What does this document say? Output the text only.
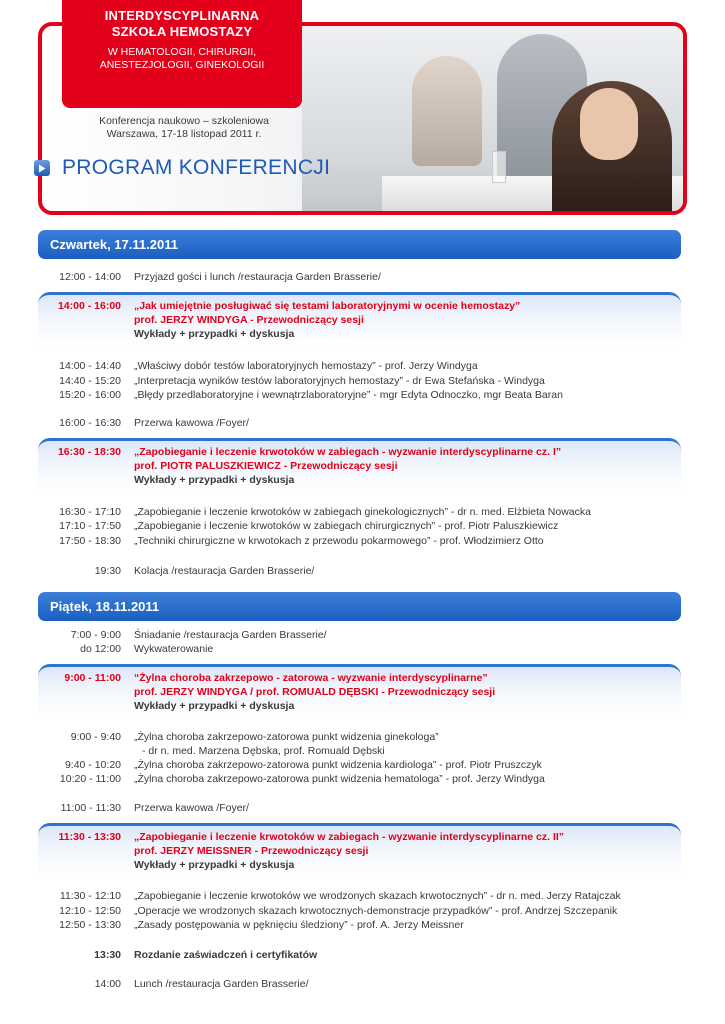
INTERDYSCYPLINARNA
SZKOŁA HEMOSTAZY
W HEMATOLOGII, CHIRURGII,
ANESTEZJOLOGII, GINEKOLOGII
Konferencja naukowo – szkoleniowa
Warszawa, 17-18 listopad 2011 r.
PROGRAM KONFERENCJI
Czwartek, 17.11.2011
12:00 - 14:00 Przyjazd gości i lunch /restauracja Garden Brasserie/
14:00 - 16:00 „Jak umiejętnie posługiwać się testami laboratoryjnymi w ocenie hemostazy”
prof. JERZY WINDYGA - Przewodniczący sesji
Wykłady + przypadki + dyskusja
14:00 - 14:40 „Właściwy dobór testów laboratoryjnych hemostazy” - prof. Jerzy Windyga
14:40 - 15:20 „Interpretacja wyników testów laboratoryjnych hemostazy” - dr Ewa Stefańska - Windyga
15:20 - 16:00 „Błędy przedlaboratoryjne i wewnątrzlaboratoryjne” - mgr Edyta Odnoczko, mgr Beata Baran
16:00 - 16:30 Przerwa kawowa /Foyer/
16:30 - 18:30 „Zapobieganie i leczenie krwotoków w zabiegach - wyzwanie interdyscyplinarne cz. I”
prof. PIOTR PALUSZKIEWICZ - Przewodniczący sesji
Wykłady + przypadki + dyskusja
16:30 - 17:10 „Zapobieganie i leczenie krwotoków w zabiegach ginekologicznych” - dr n. med. Elżbieta Nowacka
17:10 - 17:50 „Zapobieganie i leczenie krwotoków w zabiegach chirurgicznych” - prof. Piotr Paluszkiewicz
17:50 - 18:30 „Techniki chirurgiczne w krwotokach z przewodu pokarmowego” - prof. Włodzimierz Otto
19:30 Kolacja /restauracja Garden Brasserie/
Piątek, 18.11.2011
7:00 - 9:00 Śniadanie /restauracja Garden Brasserie/
do 12:00 Wykwaterowanie
9:00 - 11:00 “Żylna choroba zakrzepowo - zatorowa - wyzwanie interdyscyplinarne”
prof. JERZY WINDYGA / prof. ROMUALD DĘBSKI - Przewodniczący sesji
Wykłady + przypadki + dyskusja
9:00 - 9:40 „Żylna choroba zakrzepowo-zatorowa punkt widzenia ginekologa”
- dr n. med. Marzena Dębska, prof. Romuald Dębski
9:40 - 10:20 „Żylna choroba zakrzepowo-zatorowa punkt widzenia kardiologa” - prof. Piotr Pruszczyk
10:20 - 11:00 „Żylna choroba zakrzepowo-zatorowa punkt widzenia hematologa” - prof. Jerzy Windyga
11:00 - 11:30 Przerwa kawowa /Foyer/
11:30 - 13:30 „Zapobieganie i leczenie krwotoków w zabiegach - wyzwanie interdyscyplinarne cz. II”
prof. JERZY MEISSNER - Przewodniczący sesji
Wykłady + przypadki + dyskusja
11:30 - 12:10 „Zapobieganie i leczenie krwotoków we wrodzonych skazach krwotocznych” - dr n. med. Jerzy Ratajczak
12:10 - 12:50 „Operacje we wrodzonych skazach krwotocznych-demonstracje przypadków” - prof. Andrzej Szczepanik
12:50 - 13:30 „Zasady postępowania w pęknięciu śledziony” - prof. A. Jerzy Meissner
13:30 Rozdanie zaświadczeń i certyfikatów
14:00 Lunch /restauracja Garden Brasserie/
